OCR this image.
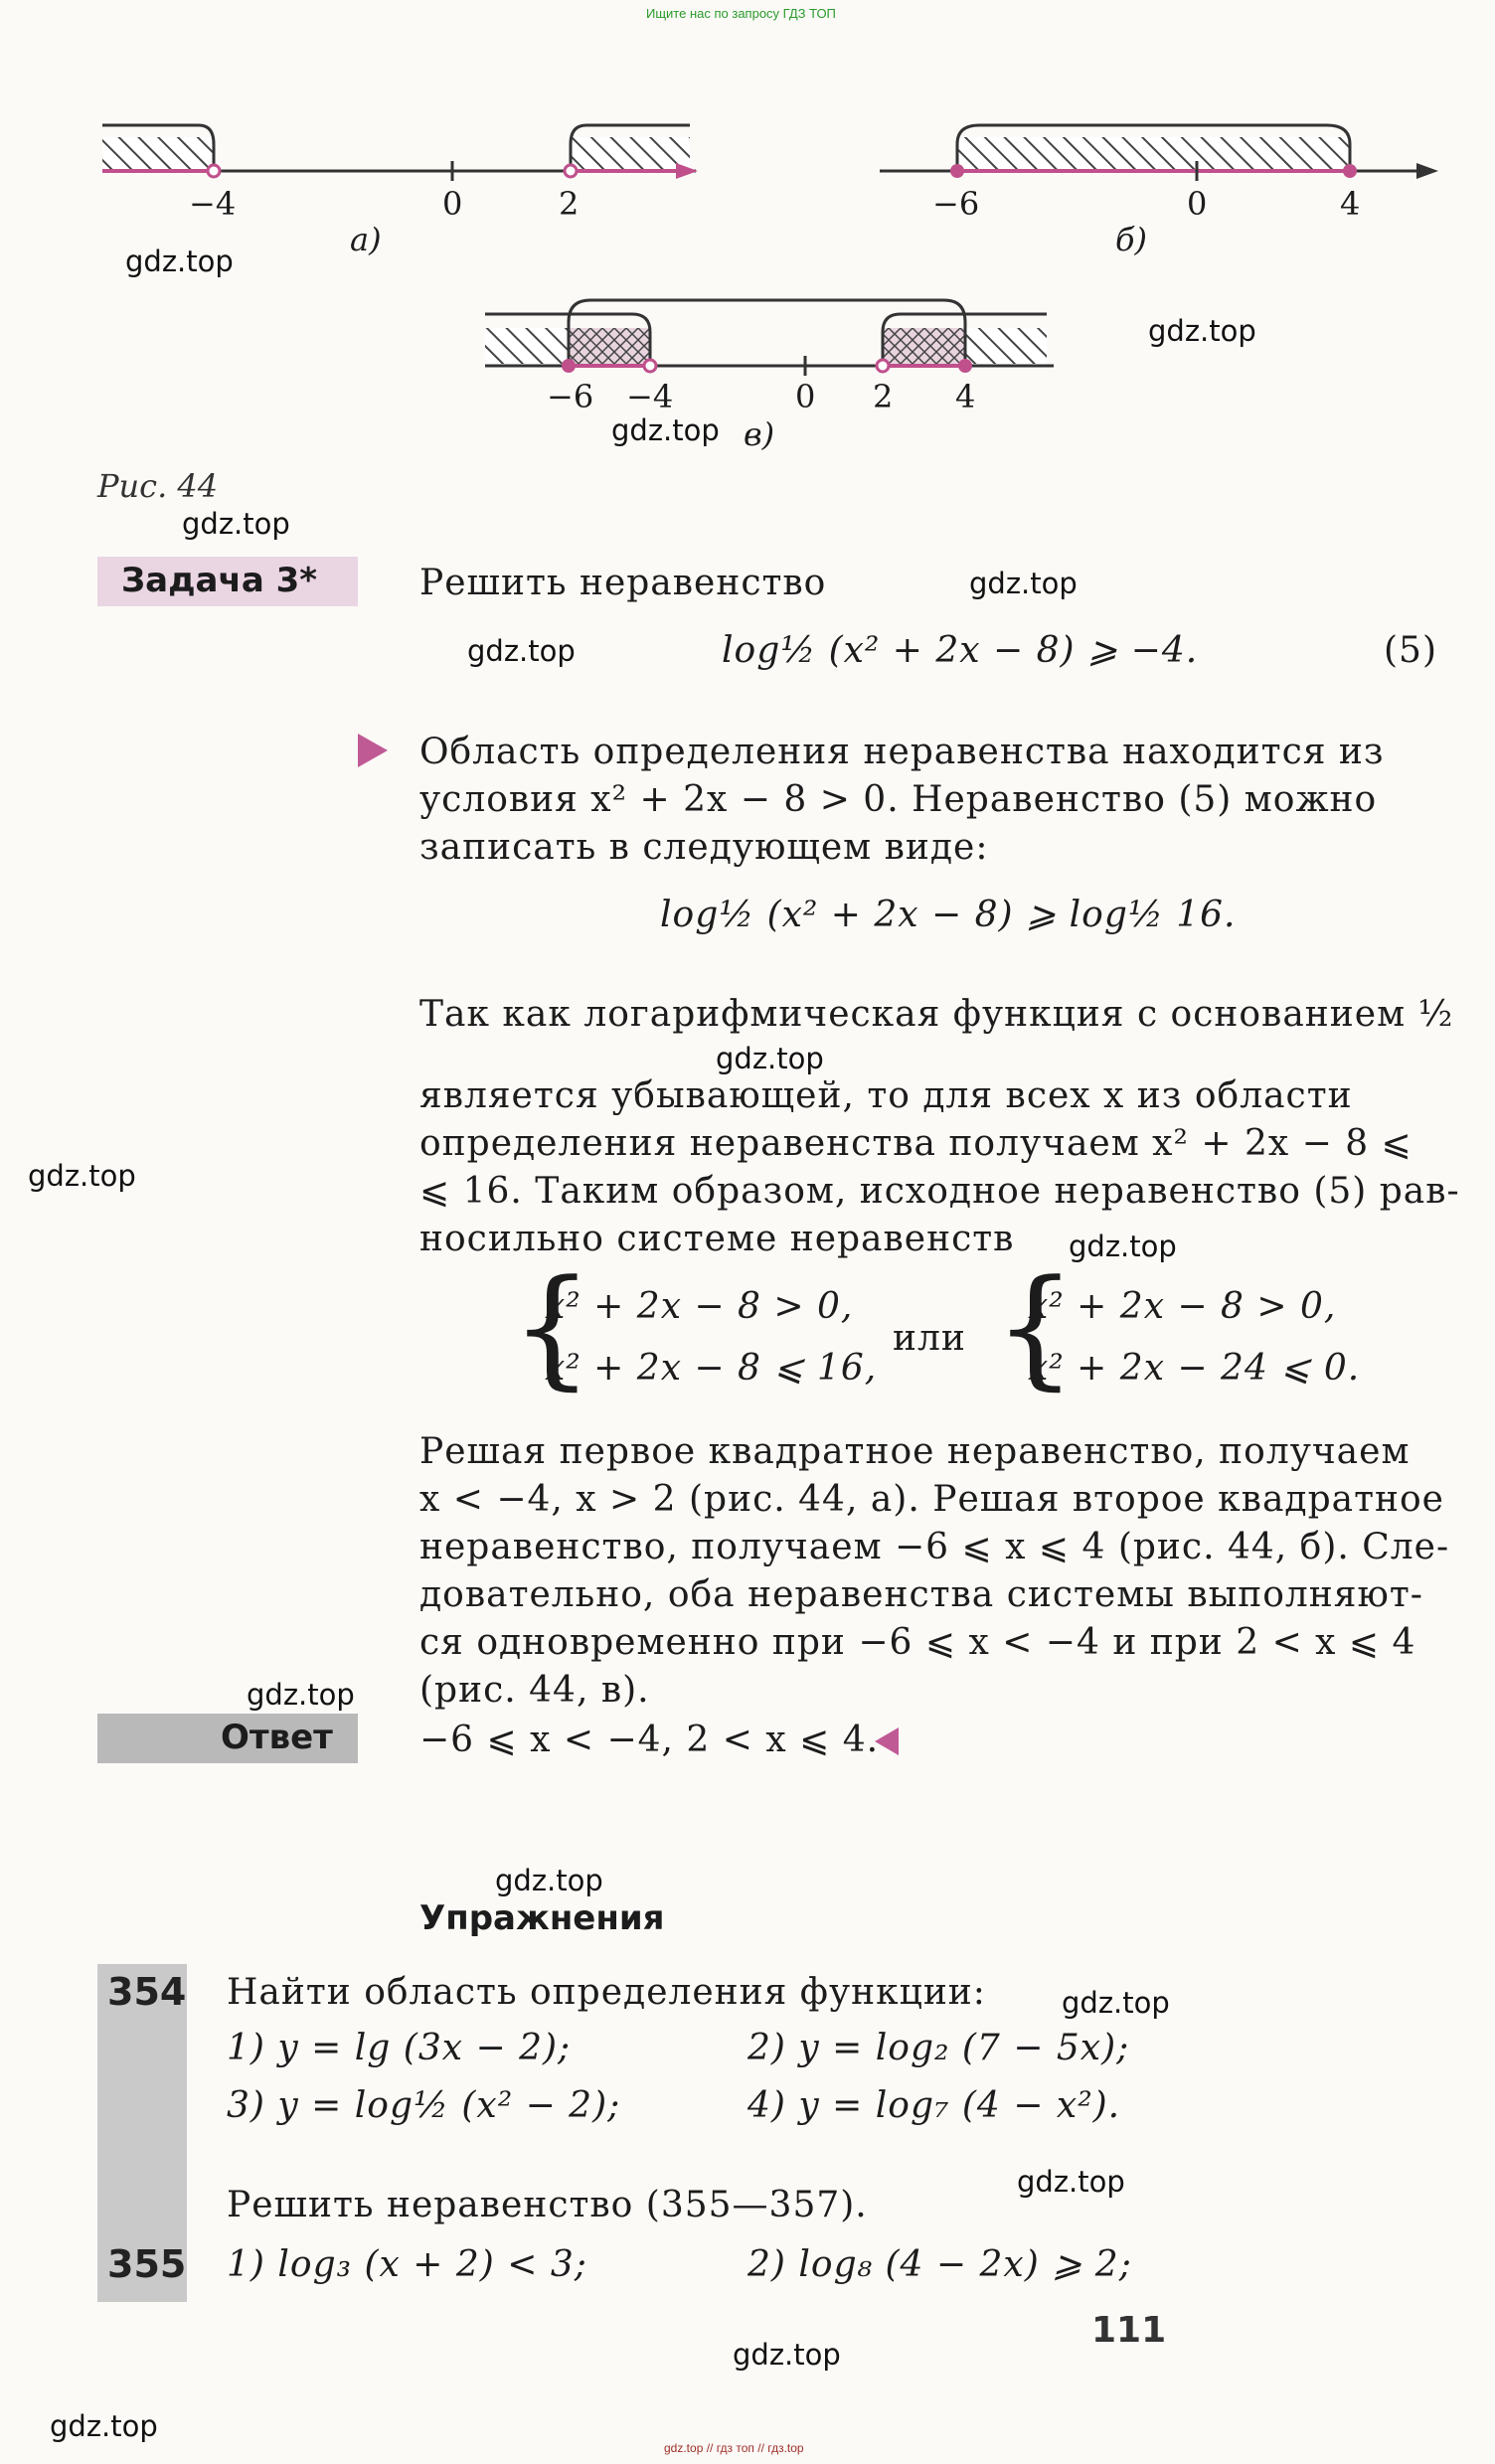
Ищите нас по запросу ГДЗ ТОП
gdz.top // гдз топ // гдз.top
−4	0	2
а)
−6	0	4
б)
−6 −4	0 2 4
в)
Рис. 44
gdz.top
gdz.top
gdz.top
gdz.top
gdz.top
gdz.top
gdz.top
gdz.top
gdz.top
gdz.top
gdz.top
gdz.top
gdz.top
gdz.top
gdz.top
Задача 3*	Решить неравенство
log½ (x² + 2x − 8) ⩾ −4.	(5)
Область определения неравенства находится из
условия x² + 2x − 8 > 0. Неравенство (5) можно
записать в следующем виде:
log½ (x² + 2x − 8) ⩾ log½ 16.
Так как логарифмическая функция с основанием ½
является убывающей, то для всех x из области
определения неравенства получаем x² + 2x − 8 ⩽
⩽ 16. Таким образом, исходное неравенство (5) рав-
носильно системе неравенств
{
x² + 2x − 8 > 0,
x² + 2x − 8 ⩽ 16,
или {
x² + 2x − 8 > 0,
x² + 2x − 24 ⩽ 0.
Решая первое квадратное неравенство, получаем
x < −4, x > 2 (рис. 44, а). Решая второе квадратное
неравенство, получаем −6 ⩽ x ⩽ 4 (рис. 44, б). Сле-
довательно, оба неравенства системы выполняют-
ся одновременно при −6 ⩽ x < −4 и при 2 < x ⩽ 4
(рис. 44, в).
Ответ −6 ⩽ x < −4, 2 < x ⩽ 4.
Упражнения
354 Найти область определения функции:
1) y = lg (3x − 2);	2) y = log₂ (7 − 5x);
3) y = log½ (x² − 2);	4) y = log₇ (4 − x²).
Решить неравенство (355—357).
355 1) log₃ (x + 2) < 3;	2) log₈ (4 − 2x) ⩾ 2;
111
